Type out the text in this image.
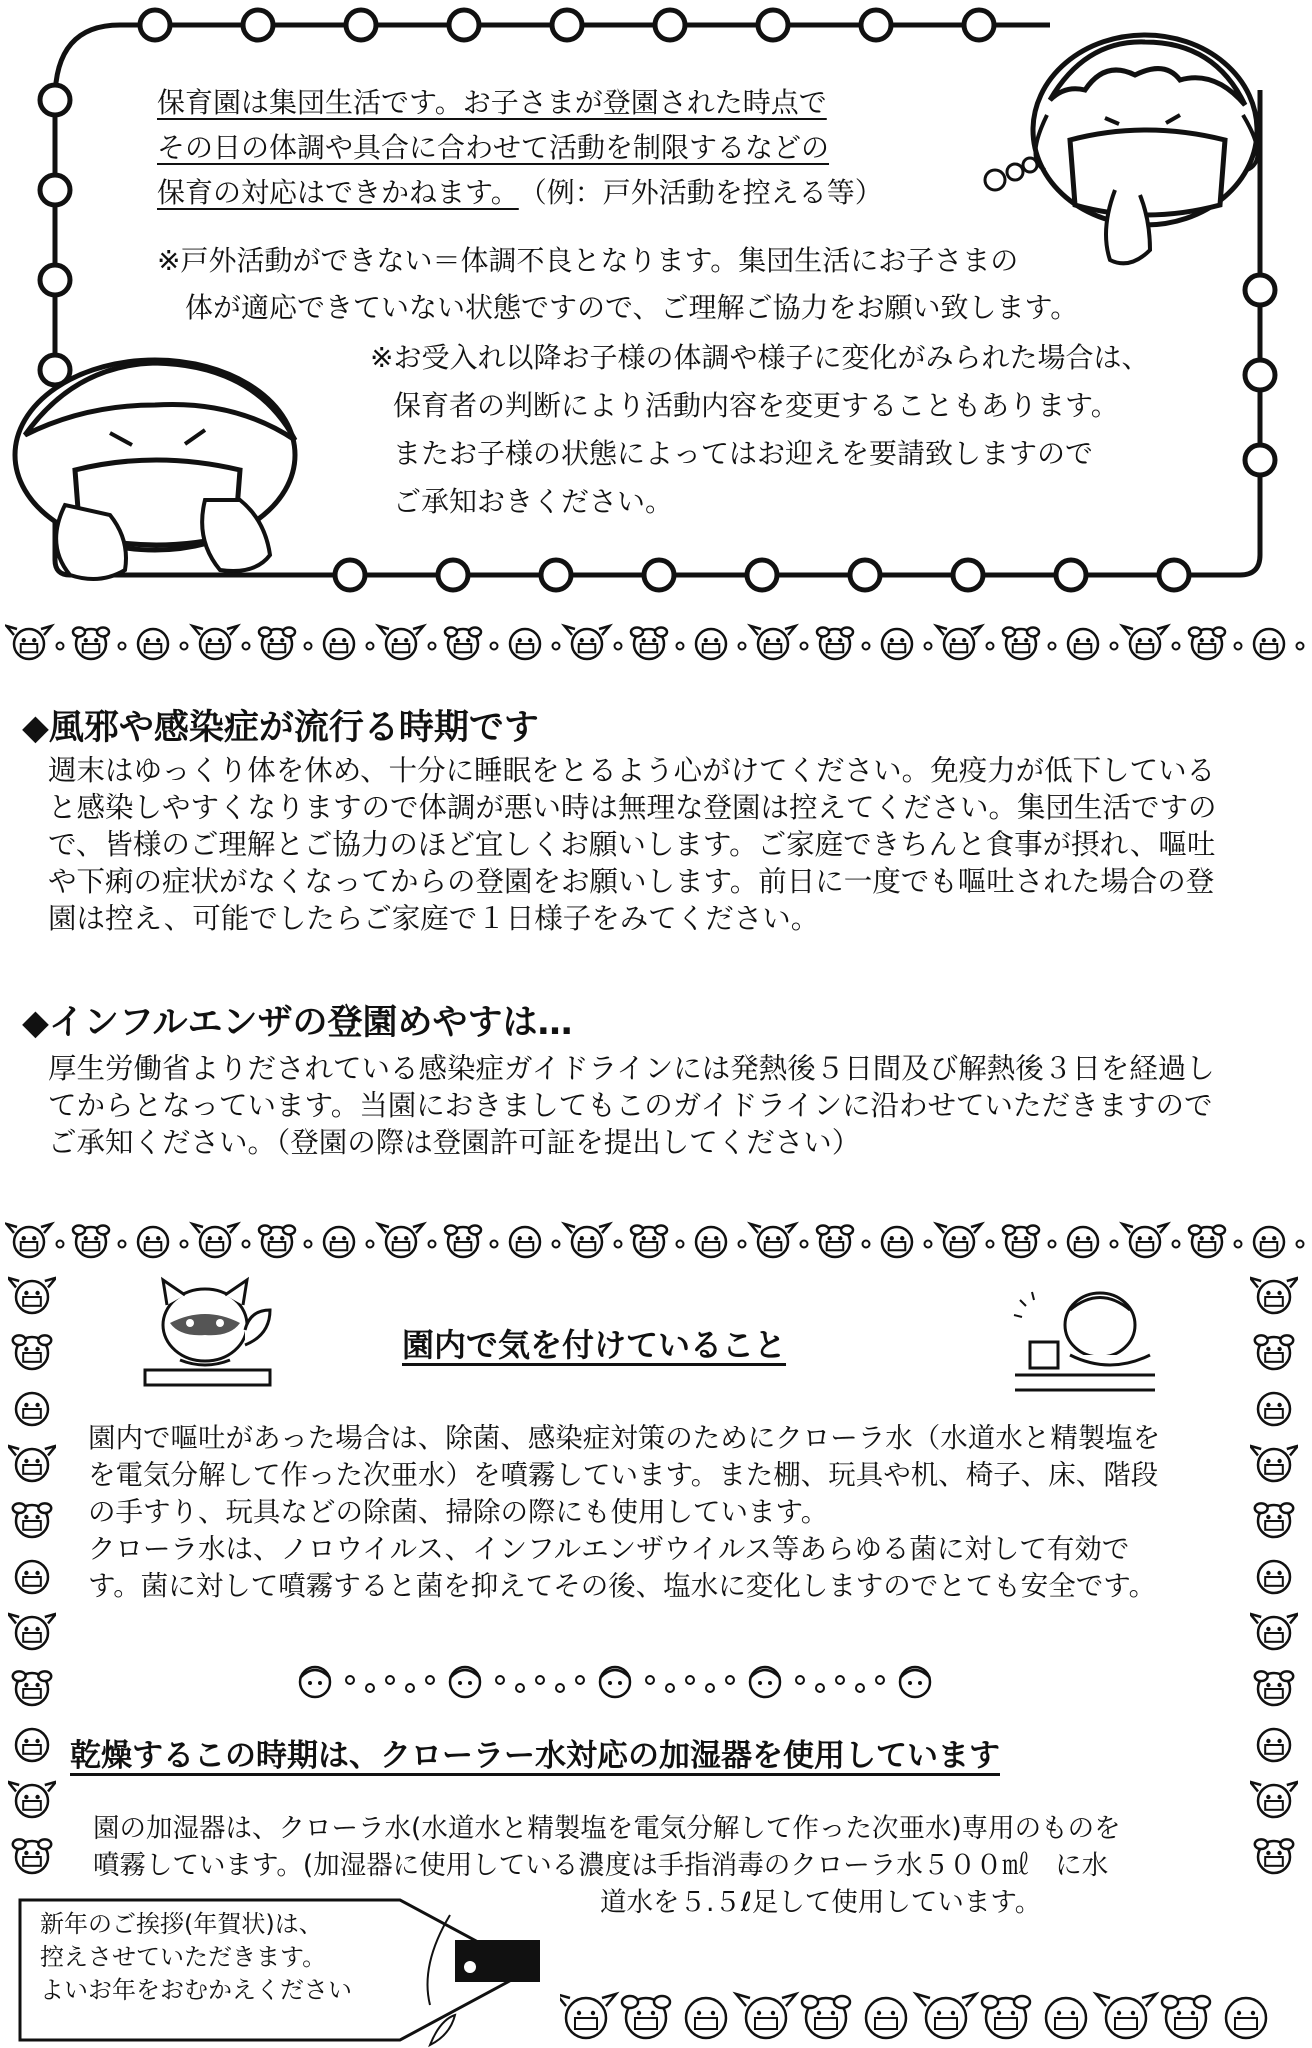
保育園は集団生活です。お子さまが登園された時点で
その日の体調や具合に合わせて活動を制限するなどの
保育の対応はできかねます。 （例：戸外活動を控える等）
※戸外活動ができない＝体調不良となります。集団生活にお子さまの
体が適応できていない状態ですので、ご理解ご協力をお願い致します。
※お受入れ以降お子様の体調や様子に変化がみられた場合は、
保育者の判断により活動内容を変更することもあります。
またお子様の状態によってはお迎えを要請致しますので
ご承知おきください。
◆風邪や感染症が流行る時期です
週末はゆっくり体を休め、十分に睡眠をとるよう心がけてください。免疫力が低下している
と感染しやすくなりますので体調が悪い時は無理な登園は控えてください。集団生活ですの
で、皆様のご理解とご協力のほど宜しくお願いします。ご家庭できちんと食事が摂れ、嘔吐
や下痢の症状がなくなってからの登園をお願いします。前日に一度でも嘔吐された場合の登
園は控え、可能でしたらご家庭で１日様子をみてください。
◆インフルエンザの登園めやすは…
厚生労働省よりだされている感染症ガイドラインには発熱後５日間及び解熱後３日を経過し
てからとなっています。当園におきましてもこのガイドラインに沿わせていただきますので
ご承知ください。（登園の際は登園許可証を提出してください）
園内で気を付けていること
園内で嘔吐があった場合は、除菌、感染症対策のためにクローラ水（水道水と精製塩を
を電気分解して作った次亜水）を噴霧しています。また棚、玩具や机、椅子、床、階段
の手すり、玩具などの除菌、掃除の際にも使用しています。
クローラ水は、ノロウイルス、インフルエンザウイルス等あらゆる菌に対して有効で
す。菌に対して噴霧すると菌を抑えてその後、塩水に変化しますのでとても安全です。
乾燥するこの時期は、クローラー水対応の加湿器を使用しています
園の加湿器は、クローラ水(水道水と精製塩を電気分解して作った次亜水)専用のものを
噴霧しています。(加湿器に使用している濃度は手指消毒のクローラ水５００㎖　に水
道水を５.５ℓ足して使用しています。
新年のご挨拶(年賀状)は、
控えさせていただきます。
よいお年をおむかえください
